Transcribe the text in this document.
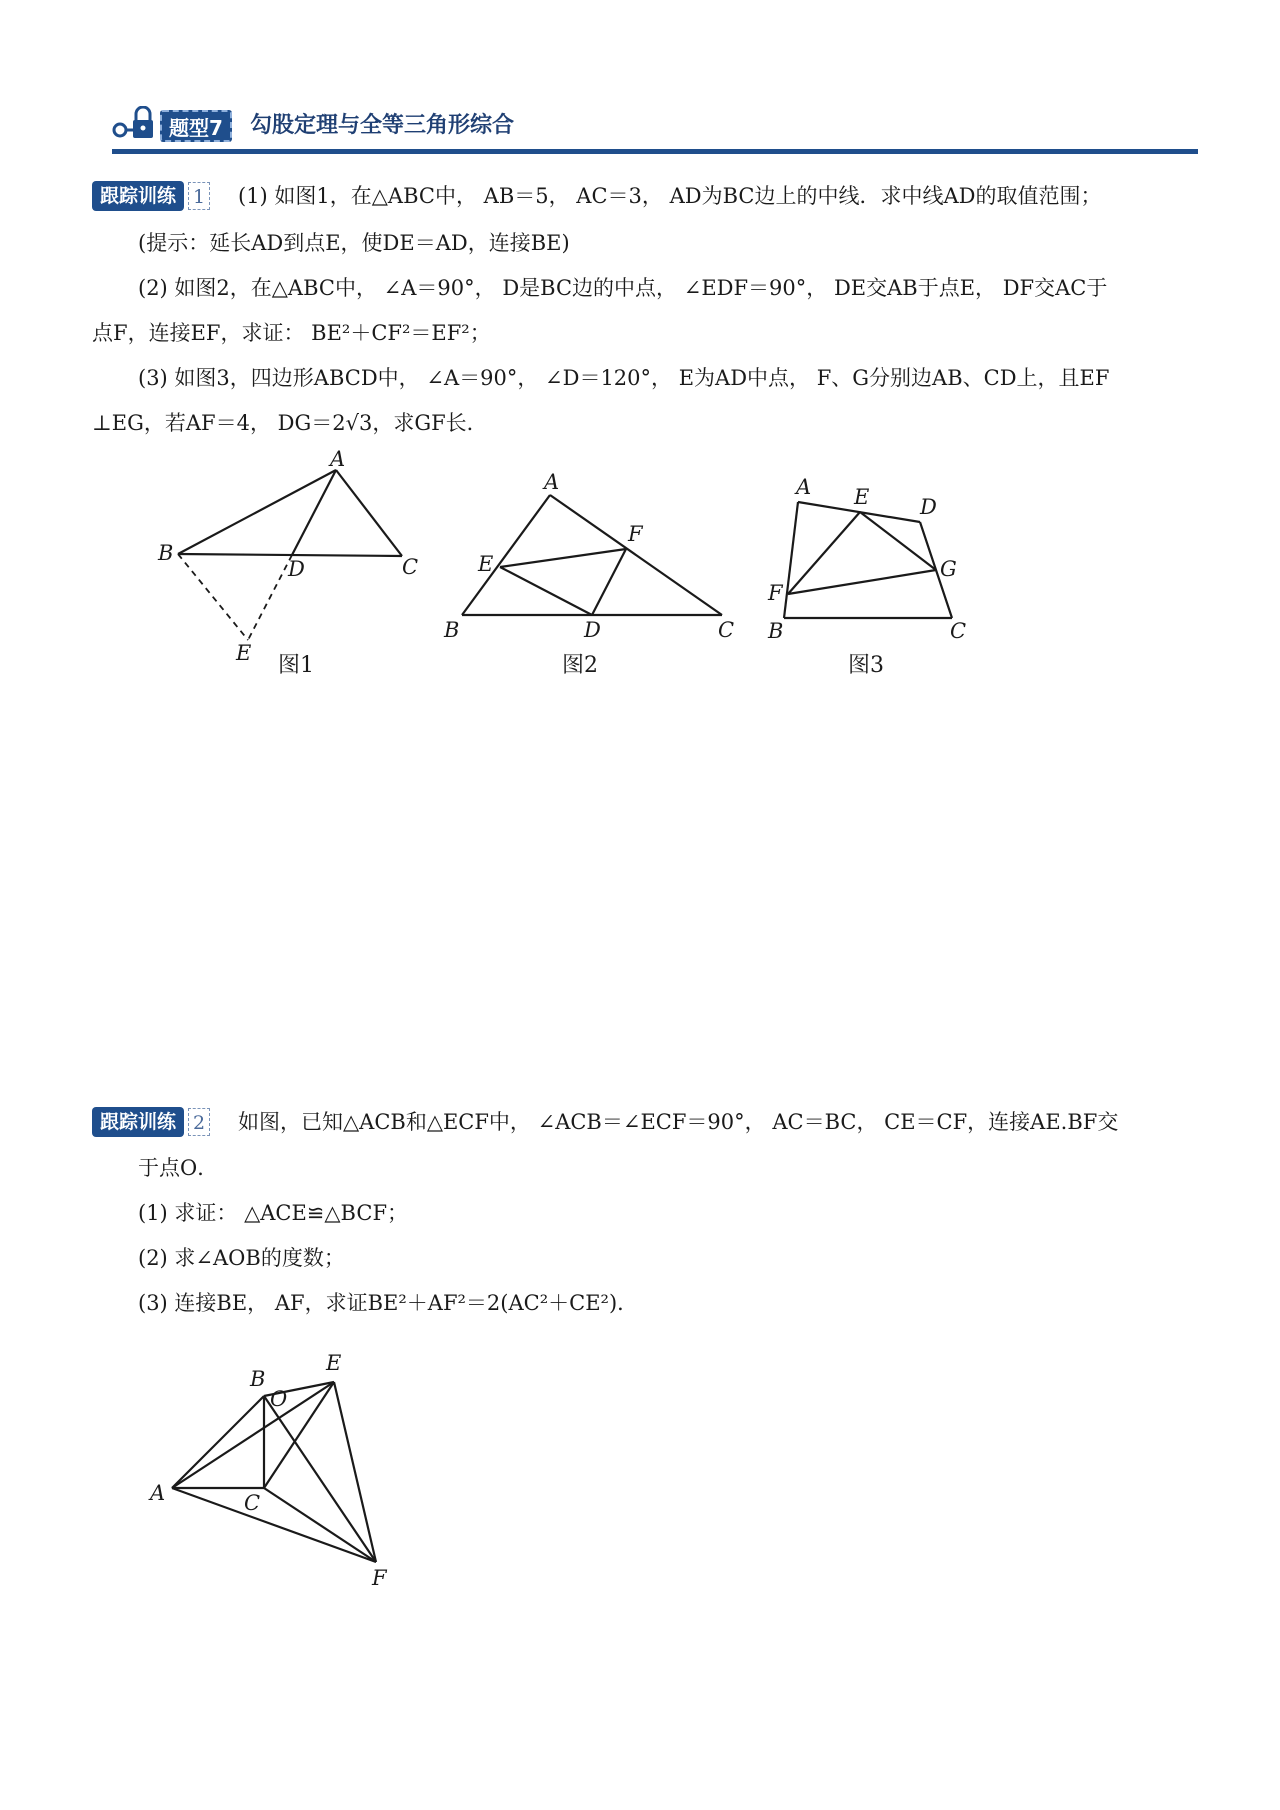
题型7	勾股定理与全等三角形综合
跟踪训练 1 (1) 如图1，在△ABC中， AB＝5， AC＝3， AD为BC边上的中线．求中线AD的取值范围；
(提示：延长AD到点E，使DE＝AD，连接BE)
(2) 如图2，在△ABC中， ∠A＝90°， D是BC边的中点， ∠EDF＝90°， DE交AB于点E， DF交AC于
点F，连接EF，求证： BE²＋CF²＝EF²；
(3) 如图3，四边形ABCD中， ∠A＝90°， ∠D＝120°， E为AD中点， F、G分别边AB、CD上，且EF
⊥EG，若AF＝4， DG＝2√3，求GF长．
A
B
C
D
E 图1
A
B	C
D
E
F
图2
A
B	C
D
E
F
G
图3
跟踪训练 2 如图，已知△ACB和△ECF中， ∠ACB＝∠ECF＝90°， AC＝BC， CE＝CF，连接AE.BF交
于点O．
(1) 求证： △ACE≌△BCF；
(2) 求∠AOB的度数；
(3) 连接BE， AF，求证BE²＋AF²＝2(AC²＋CE²)．
A
B
C
E
F
O
